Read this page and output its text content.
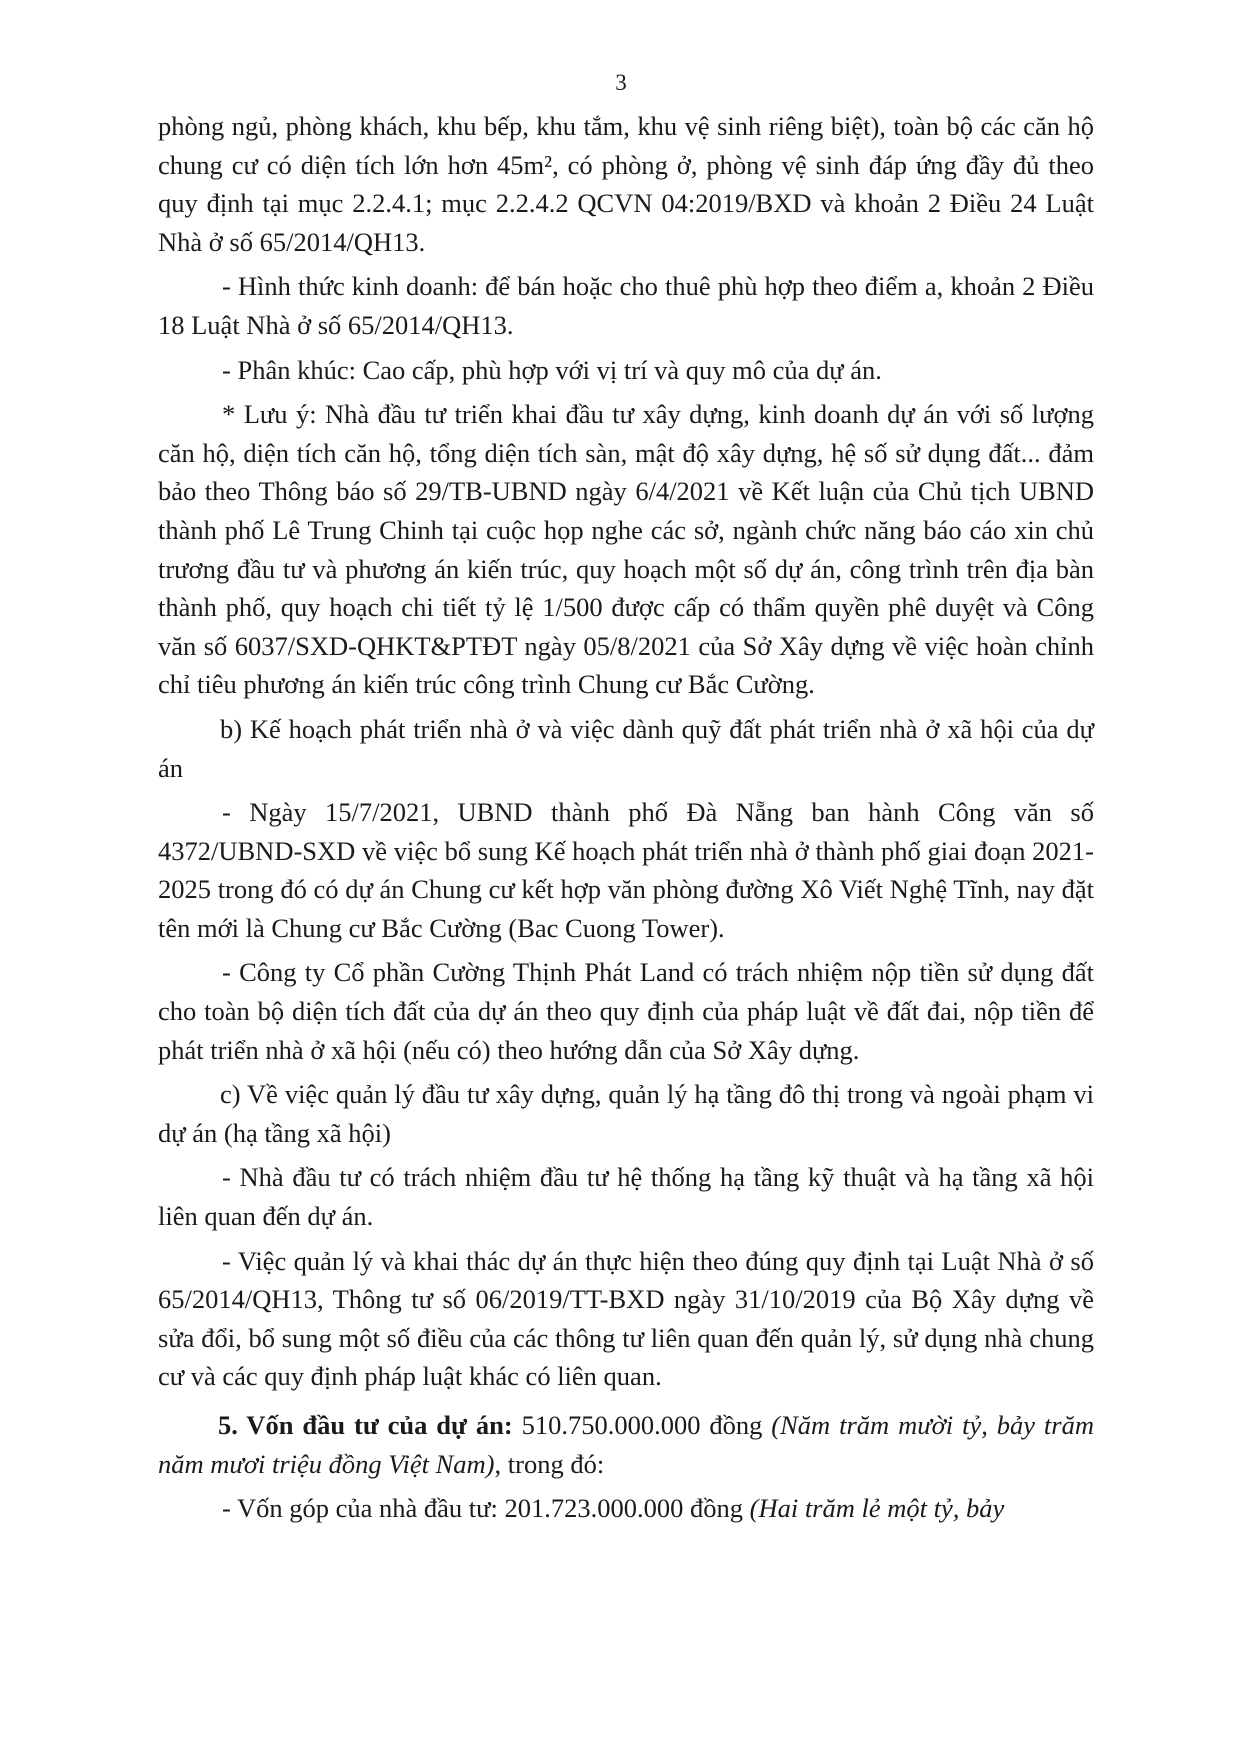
3

phòng ngủ, phòng khách, khu bếp, khu tắm, khu vệ sinh riêng biệt), toàn bộ các căn hộ chung cư có diện tích lớn hơn 45m², có phòng ở, phòng vệ sinh đáp ứng đầy đủ theo quy định tại mục 2.2.4.1; mục 2.2.4.2 QCVN 04:2019/BXD và khoản 2 Điều 24 Luật Nhà ở số 65/2014/QH13.

- Hình thức kinh doanh: để bán hoặc cho thuê phù hợp theo điểm a, khoản 2 Điều 18 Luật Nhà ở số 65/2014/QH13.

- Phân khúc: Cao cấp, phù hợp với vị trí và quy mô của dự án.

* Lưu ý: Nhà đầu tư triển khai đầu tư xây dựng, kinh doanh dự án với số lượng căn hộ, diện tích căn hộ, tổng diện tích sàn, mật độ xây dựng, hệ số sử dụng đất... đảm bảo theo Thông báo số 29/TB-UBND ngày 6/4/2021 về Kết luận của Chủ tịch UBND thành phố Lê Trung Chinh tại cuộc họp nghe các sở, ngành chức năng báo cáo xin chủ trương đầu tư và phương án kiến trúc, quy hoạch một số dự án, công trình trên địa bàn thành phố, quy hoạch chi tiết tỷ lệ 1/500 được cấp có thẩm quyền phê duyệt và Công văn số 6037/SXD-QHKT&PTĐT ngày 05/8/2021 của Sở Xây dựng về việc hoàn chỉnh chỉ tiêu phương án kiến trúc công trình Chung cư Bắc Cường.

b) Kế hoạch phát triển nhà ở và việc dành quỹ đất phát triển nhà ở xã hội của dự án

- Ngày 15/7/2021, UBND thành phố Đà Nẵng ban hành Công văn số 4372/UBND-SXD về việc bổ sung Kế hoạch phát triển nhà ở thành phố giai đoạn 2021-2025 trong đó có dự án Chung cư kết hợp văn phòng đường Xô Viết Nghệ Tĩnh, nay đặt tên mới là Chung cư Bắc Cường (Bac Cuong Tower).

- Công ty Cổ phần Cường Thịnh Phát Land có trách nhiệm nộp tiền sử dụng đất cho toàn bộ diện tích đất của dự án theo quy định của pháp luật về đất đai, nộp tiền để phát triển nhà ở xã hội (nếu có) theo hướng dẫn của Sở Xây dựng.

c) Về việc quản lý đầu tư xây dựng, quản lý hạ tầng đô thị trong và ngoài phạm vi dự án (hạ tầng xã hội)

- Nhà đầu tư có trách nhiệm đầu tư hệ thống hạ tầng kỹ thuật và hạ tầng xã hội liên quan đến dự án.

- Việc quản lý và khai thác dự án thực hiện theo đúng quy định tại Luật Nhà ở số 65/2014/QH13, Thông tư số 06/2019/TT-BXD ngày 31/10/2019 của Bộ Xây dựng về sửa đổi, bổ sung một số điều của các thông tư liên quan đến quản lý, sử dụng nhà chung cư và các quy định pháp luật khác có liên quan.

5. Vốn đầu tư của dự án: 510.750.000.000 đồng (Năm trăm mười tỷ, bảy trăm năm mươi triệu đồng Việt Nam), trong đó:

- Vốn góp của nhà đầu tư: 201.723.000.000 đồng (Hai trăm lẻ một tỷ, bảy
